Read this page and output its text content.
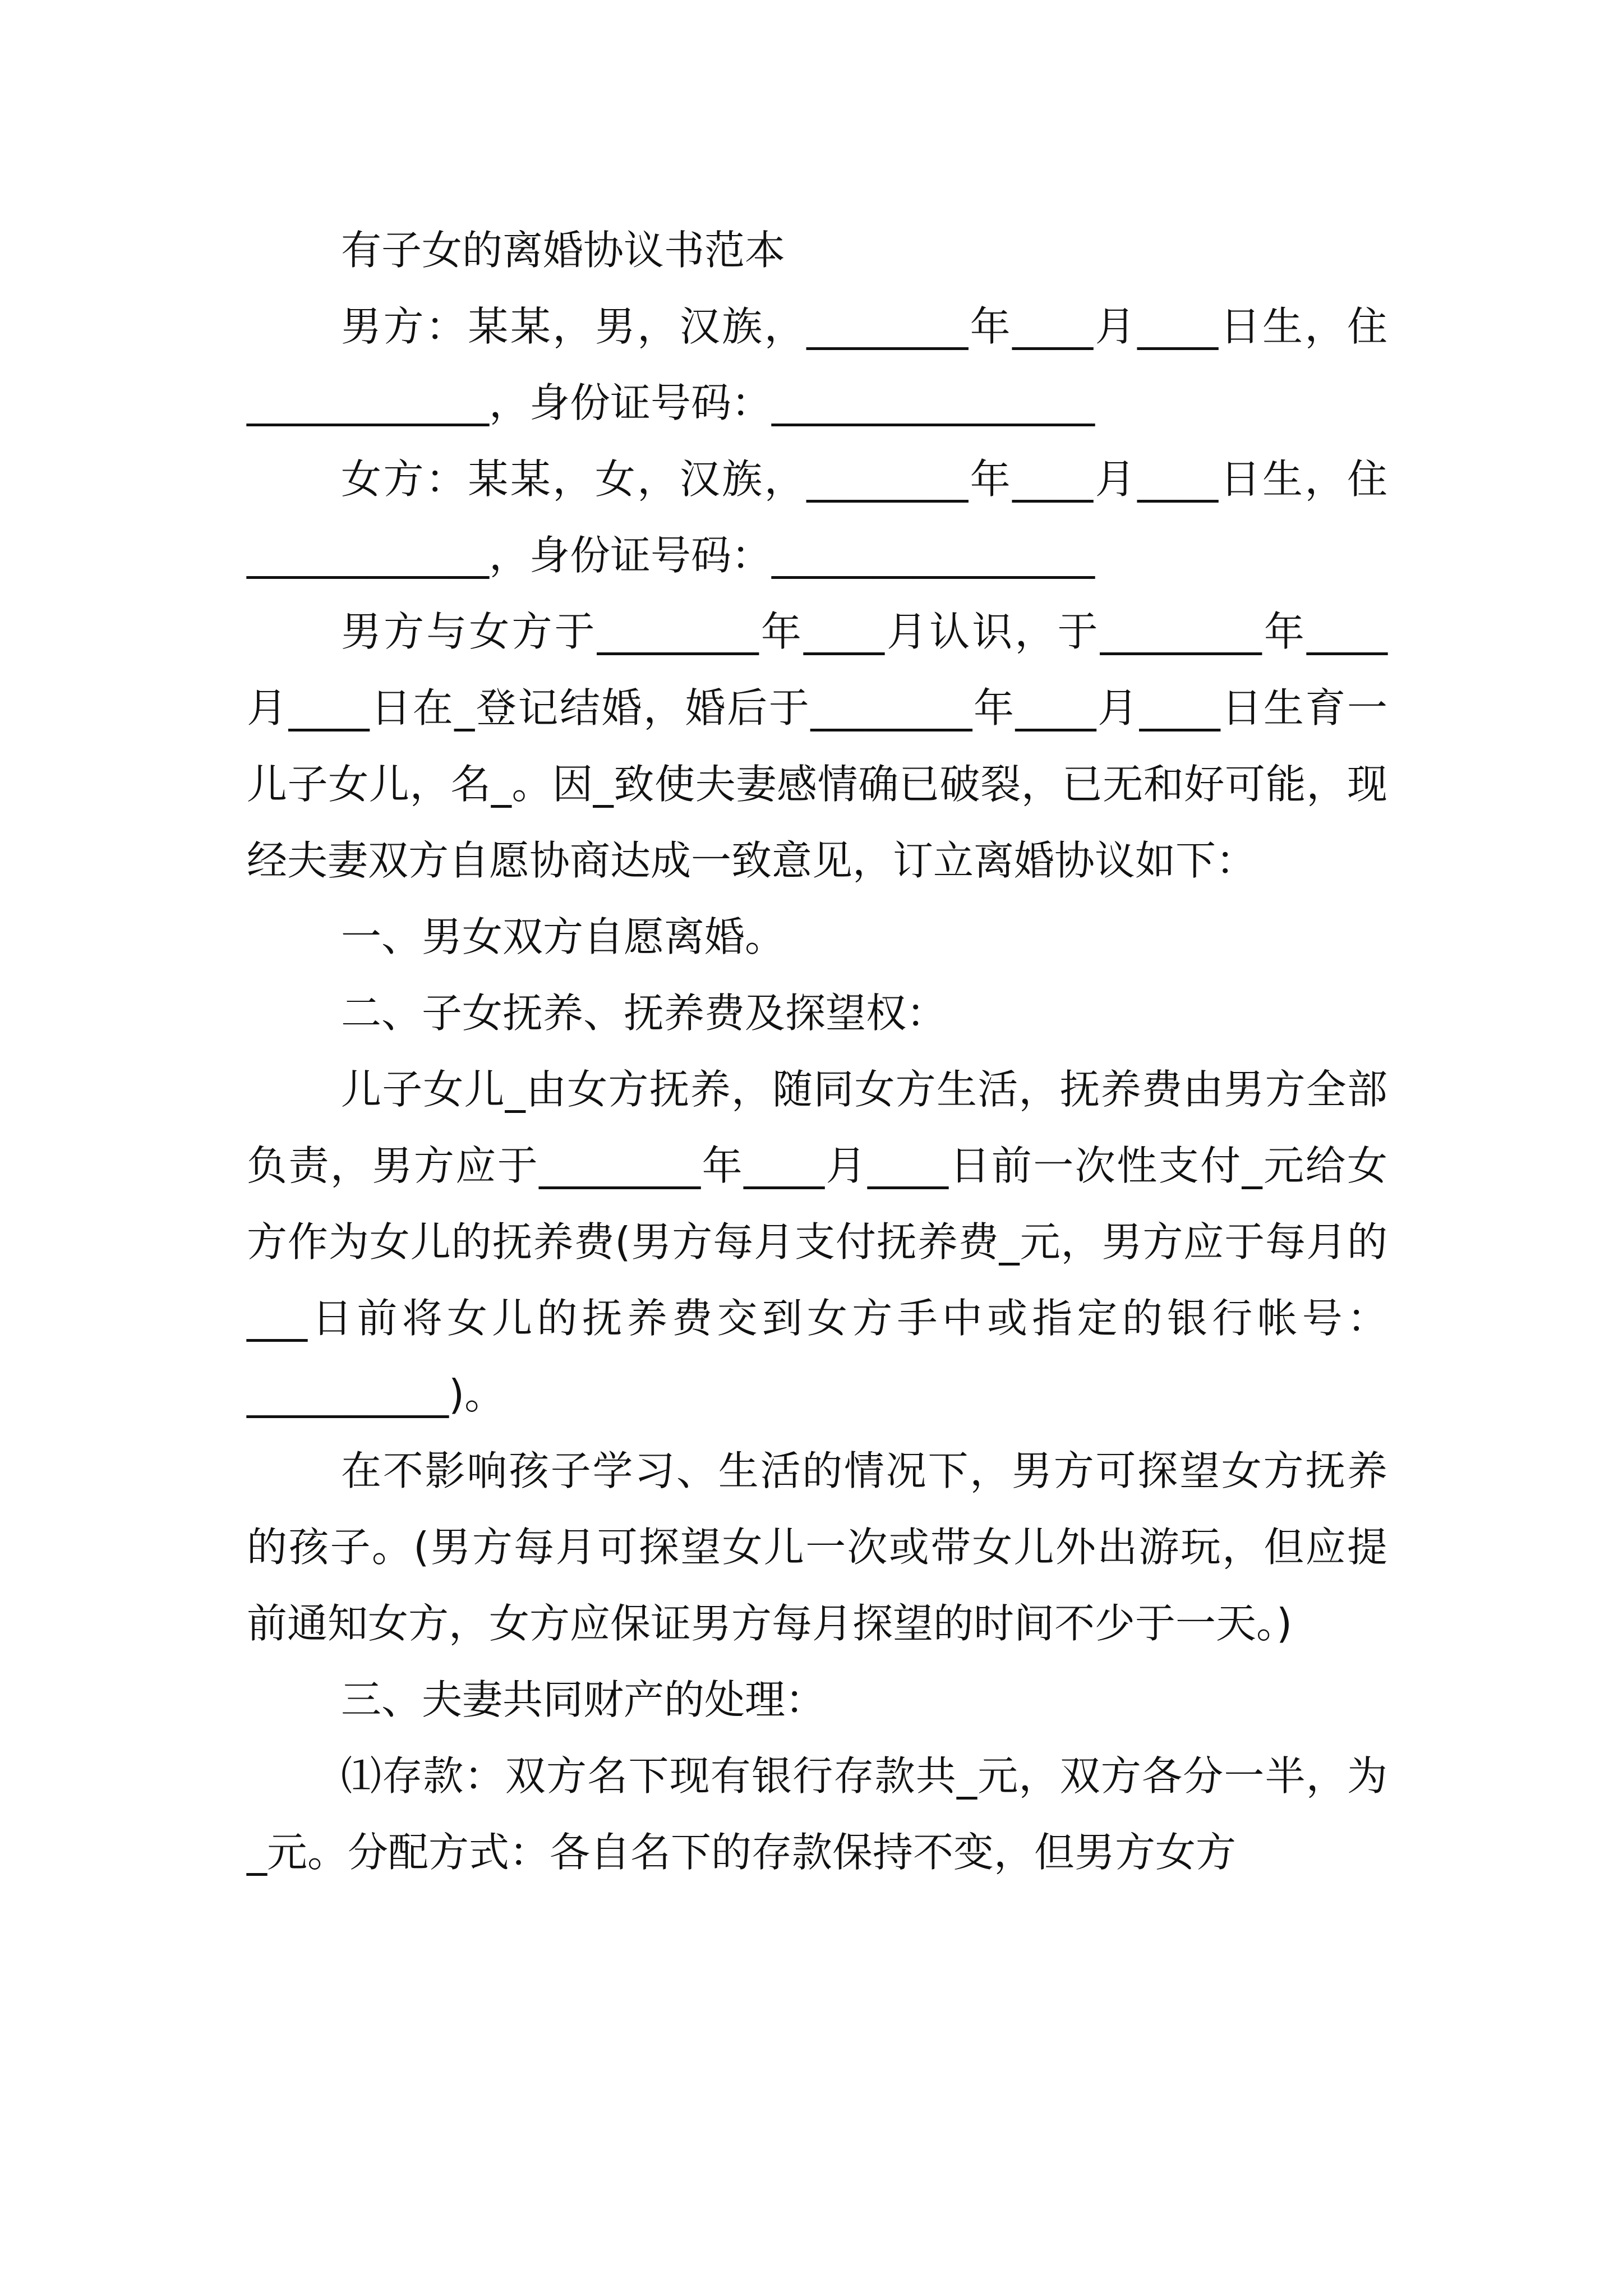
有子女的离婚协议书范本

男方：某某，男，汉族，________年____月____日生，住____________，身份证号码：________________

女方：某某，女，汉族，________年____月____日生，住____________，身份证号码：________________

男方与女方于________年____月认识，于________年____月____日在_登记结婚，婚后于________年____月____日生育一儿子女儿，名_。因_致使夫妻感情确已破裂，已无和好可能，现经夫妻双方自愿协商达成一致意见，订立离婚协议如下：

一、男女双方自愿离婚。

二、子女抚养、抚养费及探望权：

儿子女儿_由女方抚养，随同女方生活，抚养费由男方全部负责，男方应于________年____月____日前一次性支付_元给女方作为女儿的抚养费(男方每月支付抚养费_元，男方应于每月的___日前将女儿的抚养费交到女方手中或指定的银行帐号：__________)。

在不影响孩子学习、生活的情况下，男方可探望女方抚养的孩子。(男方每月可探望女儿一次或带女儿外出游玩，但应提前通知女方，女方应保证男方每月探望的时间不少于一天。)

三、夫妻共同财产的处理：

⑴存款：双方名下现有银行存款共_元，双方各分一半，为_元。分配方式：各自名下的存款保持不变，但男方女方
